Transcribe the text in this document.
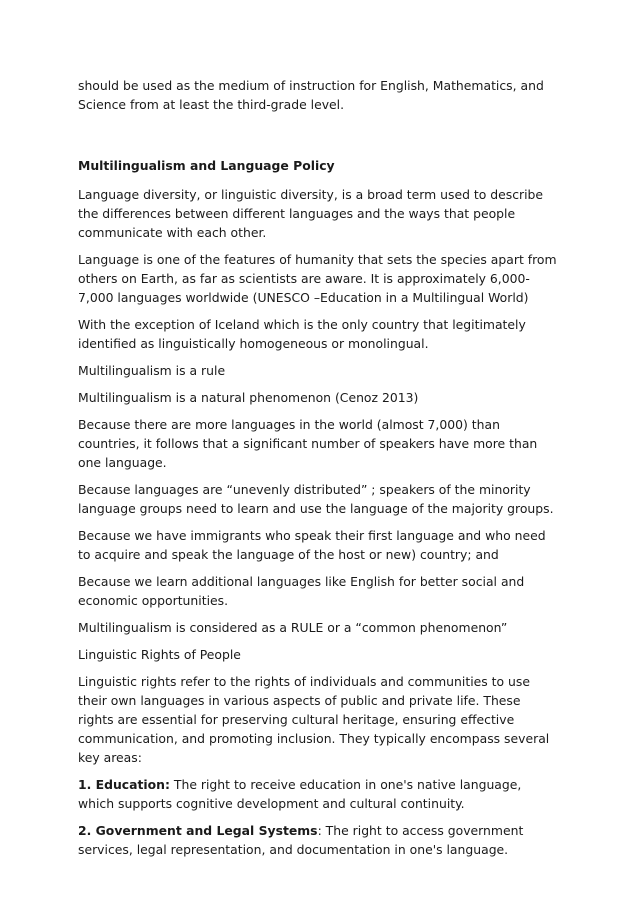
should be used as the medium of instruction for English, Mathematics, and Science from at least the third-grade level.

Multilingualism and Language Policy

Language diversity, or linguistic diversity, is a broad term used to describe the differences between different languages and the ways that people communicate with each other.

Language is one of the features of humanity that sets the species apart from others on Earth, as far as scientists are aware. It is approximately 6,000-7,000 languages worldwide (UNESCO –Education in a Multilingual World)

With the exception of Iceland which is the only country that legitimately identified as linguistically homogeneous or monolingual.

Multilingualism is a rule

Multilingualism is a natural phenomenon (Cenoz 2013)

Because there are more languages in the world (almost 7,000) than countries, it follows that a significant number of speakers have more than one language.

Because languages are “unevenly distributed” ; speakers of the minority language groups need to learn and use the language of the majority groups.

Because we have immigrants who speak their first language and who need to acquire and speak the language of the host or new) country; and

Because we learn additional languages like English for better social and economic opportunities.

Multilingualism is considered as a RULE or a “common phenomenon”

Linguistic Rights of People

Linguistic rights refer to the rights of individuals and communities to use their own languages in various aspects of public and private life. These rights are essential for preserving cultural heritage, ensuring effective communication, and promoting inclusion. They typically encompass several key areas:

1. Education: The right to receive education in one's native language, which supports cognitive development and cultural continuity.

2. Government and Legal Systems: The right to access government services, legal representation, and documentation in one's language.
